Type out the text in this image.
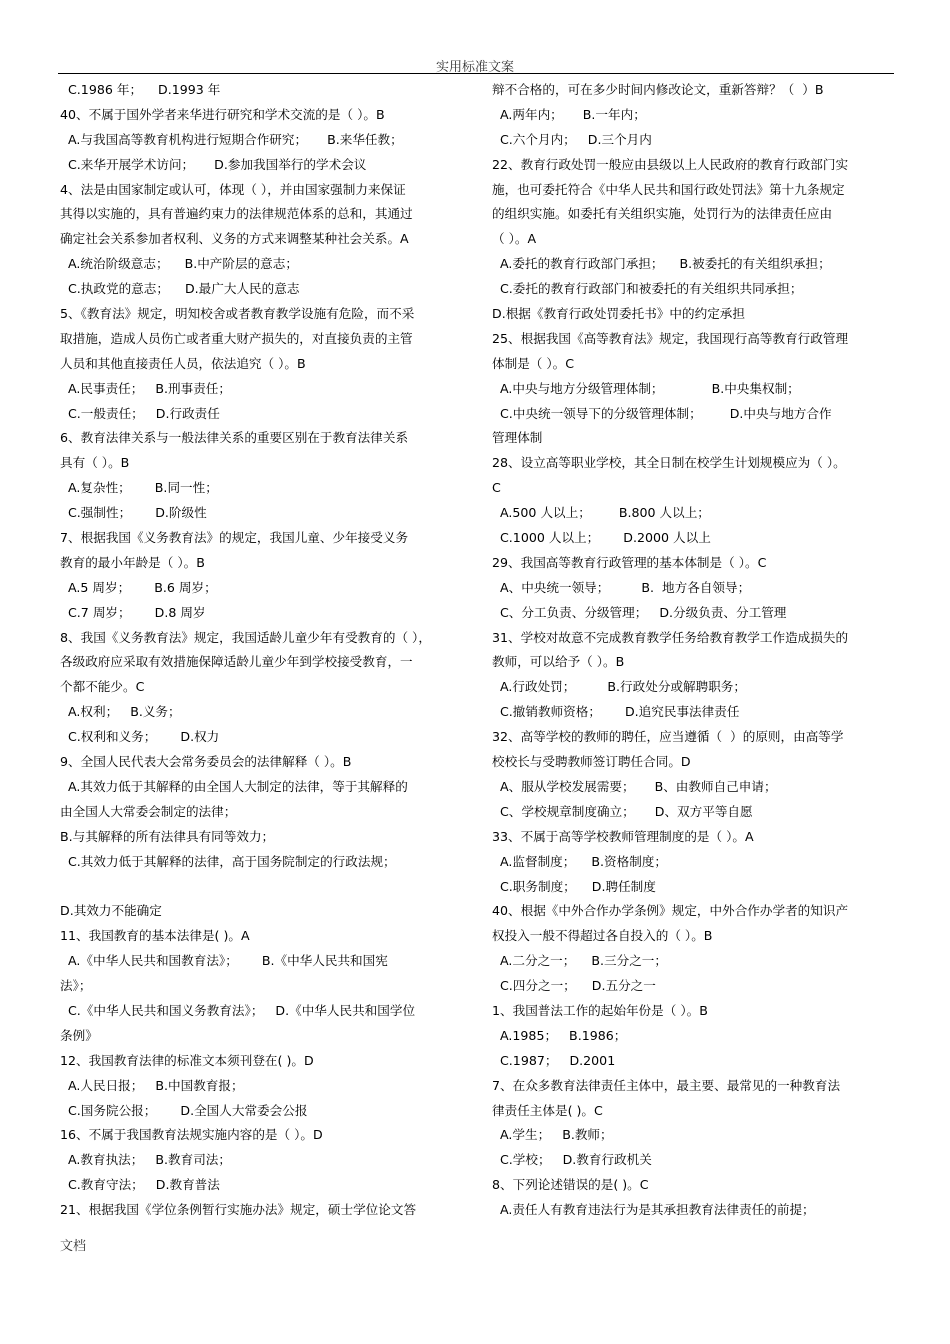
实用标准文案
C.1986 年；    D.1993 年
40、不属于国外学者来华进行研究和学术交流的是（ ）。B
A.与我国高等教育机构进行短期合作研究；     B.来华任教；
C.来华开展学术访问；     D.参加我国举行的学术会议
4、法是由国家制定或认可，体现（ ），并由国家强制力来保证
其得以实施的，具有普遍约束力的法律规范体系的总和，其通过
确定社会关系参加者权利、义务的方式来调整某种社会关系。A
A.统治阶级意志；    B.中产阶层的意志；
C.执政党的意志；    D.最广大人民的意志
5、《教育法》规定，明知校舍或者教育教学设施有危险，而不采
取措施，造成人员伤亡或者重大财产损失的，对直接负责的主管
人员和其他直接责任人员，依法追究（ ）。B
A.民事责任；   B.刑事责任；
C.一般责任；   D.行政责任
6、教育法律关系与一般法律关系的重要区别在于教育法律关系
具有（ ）。B
A.复杂性；      B.同一性；
C.强制性；      D.阶级性
7、根据我国《义务教育法》的规定，我国儿童、少年接受义务
教育的最小年龄是（ ）。B
A.5 周岁；      B.6 周岁；
C.7 周岁；      D.8 周岁
8、我国《义务教育法》规定，我国适龄儿童少年有受教育的（ ），
各级政府应采取有效措施保障适龄儿童少年到学校接受教育，一
个都不能少。C
A.权利；   B.义务；
C.权利和义务；      D.权力
9、全国人民代表大会常务委员会的法律解释（ ）。B
A.其效力低于其解释的由全国人大制定的法律，等于其解释的
由全国人大常委会制定的法律；
B.与其解释的所有法律具有同等效力；
C.其效力低于其解释的法律，高于国务院制定的行政法规；
D.其效力不能确定
11、我国教育的基本法律是( )。A
A.《中华人民共和国教育法》；      B.《中华人民共和国宪
法》；
C.《中华人民共和国义务教育法》；   D.《中华人民共和国学位
条例》
12、我国教育法律的标准文本须刊登在( )。D
A.人民日报；   B.中国教育报；
C.国务院公报；      D.全国人大常委会公报
16、不属于我国教育法规实施内容的是（ ）。D
A.教育执法；   B.教育司法；
C.教育守法；   D.教育普法
21、根据我国《学位条例暂行实施办法》规定，硕士学位论文答
辩不合格的，可在多少时间内修改论文，重新答辩？（  ）B
A.两年内；     B.一年内；
C.六个月内；   D.三个月内
22、教育行政处罚一般应由县级以上人民政府的教育行政部门实
施，也可委托符合《中华人民共和国行政处罚法》第十九条规定
的组织实施。如委托有关组织实施，处罚行为的法律责任应由
（ ）。A
A.委托的教育行政部门承担；    B.被委托的有关组织承担；
C.委托的教育行政部门和被委托的有关组织共同承担；
D.根据《教育行政处罚委托书》中的约定承担
25、根据我国《高等教育法》规定，我国现行高等教育行政管理
体制是（ ）。C
A.中央与地方分级管理体制；            B.中央集权制；
C.中央统一领导下的分级管理体制；       D.中央与地方合作
管理体制
28、设立高等职业学校，其全日制在校学生计划规模应为（ ）。
C
A.500 人以上；       B.800 人以上；
C.1000 人以上；      D.2000 人以上
29、我国高等教育行政管理的基本体制是（ ）。C
A、中央统一领导；        B.  地方各自领导；
C、分工负责、分级管理；   D.分级负责、分工管理
31、学校对故意不完成教育教学任务给教育教学工作造成损失的
教师，可以给予（ ）。B
A.行政处罚；        B.行政处分或解聘职务；
C.撤销教师资格；      D.追究民事法律责任
32、高等学校的教师的聘任，应当遵循（  ）的原则，由高等学
校校长与受聘教师签订聘任合同。D
A、服从学校发展需要；     B、由教师自己申请；
C、学校规章制度确立；     D、双方平等自愿
33、不属于高等学校教师管理制度的是（ ）。A
A.监督制度；    B.资格制度；
C.职务制度；    D.聘任制度
40、根据《中外合作办学条例》规定，中外合作办学者的知识产
权投入一般不得超过各自投入的（ ）。B
A.二分之一；    B.三分之一；
C.四分之一；    D.五分之一
1、我国普法工作的起始年份是（ ）。B
A.1985；   B.1986；
C.1987；   D.2001
7、在众多教育法律责任主体中，最主要、最常见的一种教育法
律责任主体是( )。C
A.学生；   B.教师；
C.学校；   D.教育行政机关
8、下列论述错误的是( )。C
A.责任人有教育违法行为是其承担教育法律责任的前提；
文档
